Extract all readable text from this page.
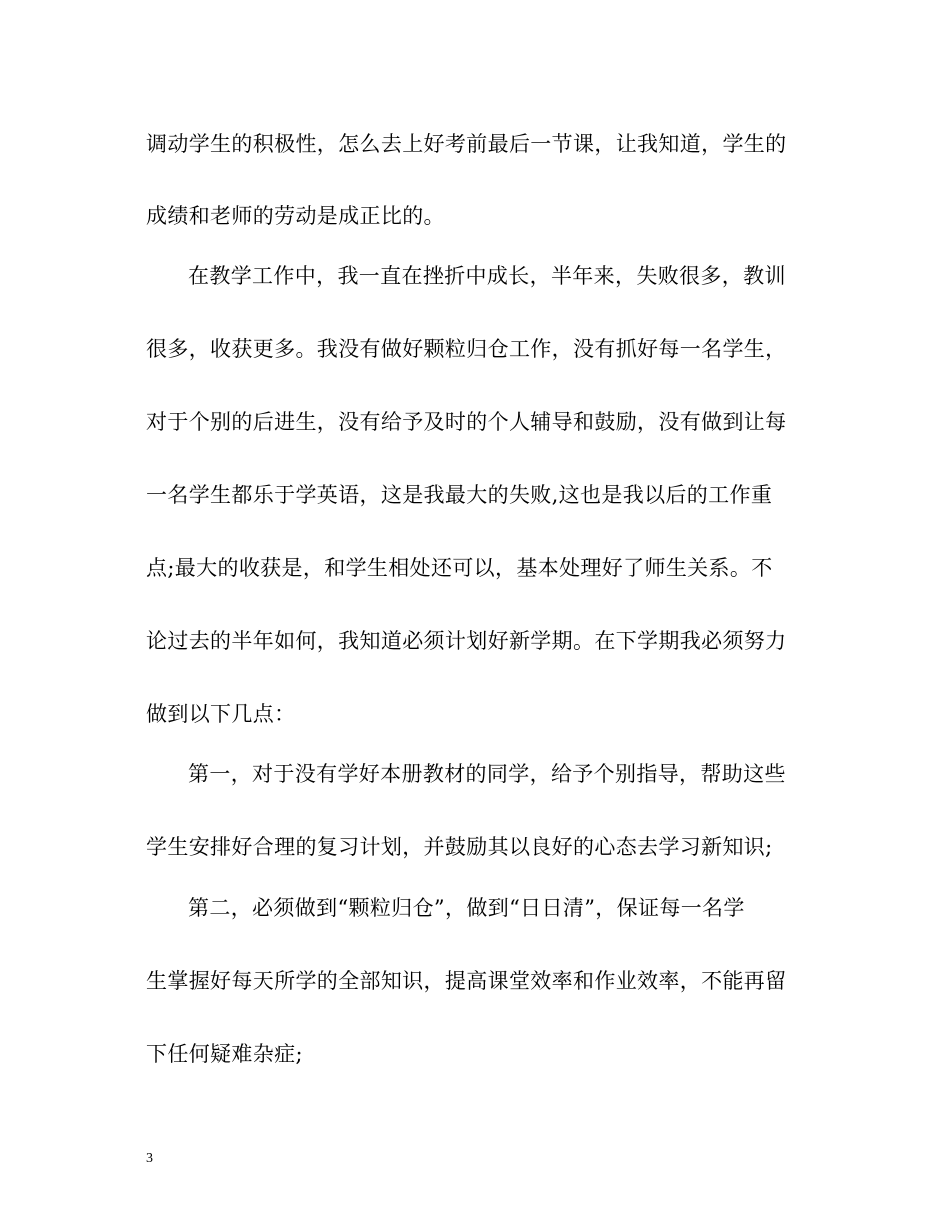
调动学生的积极性，怎么去上好考前最后一节课，让我知道，学生的
成绩和老师的劳动是成正比的。
在教学工作中，我一直在挫折中成长，半年来，失败很多，教训
很多，收获更多。我没有做好颗粒归仓工作，没有抓好每一名学生，
对于个别的后进生，没有给予及时的个人辅导和鼓励，没有做到让每
一名学生都乐于学英语，这是我最大的失败,这也是我以后的工作重
点;最大的收获是，和学生相处还可以，基本处理好了师生关系。不
论过去的半年如何，我知道必须计划好新学期。在下学期我必须努力
做到以下几点：
第一，对于没有学好本册教材的同学，给予个别指导，帮助这些
学生安排好合理的复习计划，并鼓励其以良好的心态去学习新知识;
第二，必须做到“颗粒归仓”，做到“日日清”，保证每一名学
生掌握好每天所学的全部知识，提高课堂效率和作业效率，不能再留
下任何疑难杂症;
3
